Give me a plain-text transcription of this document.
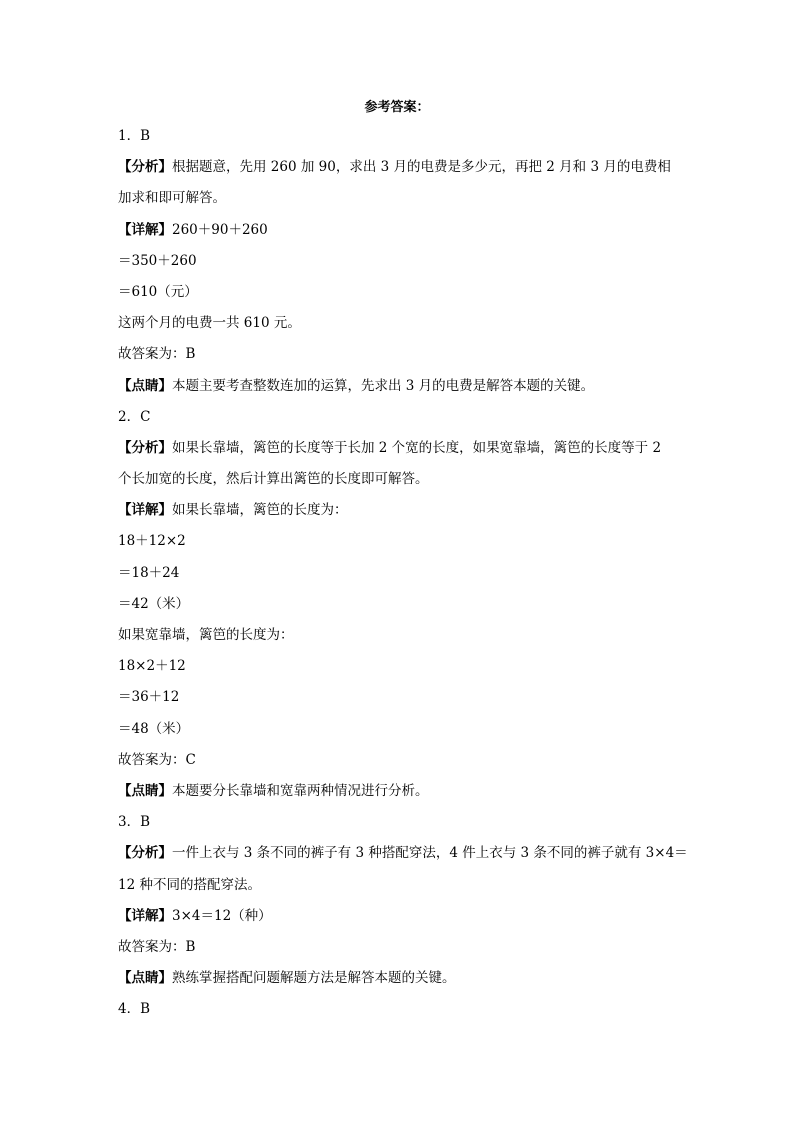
参考答案：
1．B
【分析】根据题意，先用 260 加 90，求出 3 月的电费是多少元，再把 2 月和 3 月的电费相
加求和即可解答。
【详解】260＋90＋260
＝350＋260
＝610（元）
这两个月的电费一共 610 元。
故答案为：B
【点睛】本题主要考查整数连加的运算，先求出 3 月的电费是解答本题的关键。
2．C
【分析】如果长靠墙，篱笆的长度等于长加 2 个宽的长度，如果宽靠墙，篱笆的长度等于 2
个长加宽的长度，然后计算出篱笆的长度即可解答。
【详解】如果长靠墙，篱笆的长度为：
18＋12×2
＝18＋24
＝42（米）
如果宽靠墙，篱笆的长度为：
18×2＋12
＝36＋12
＝48（米）
故答案为：C
【点睛】本题要分长靠墙和宽靠两种情况进行分析。
3．B
【分析】一件上衣与 3 条不同的裤子有 3 种搭配穿法，4 件上衣与 3 条不同的裤子就有 3×4＝
12 种不同的搭配穿法。
【详解】3×4＝12（种）
故答案为：B
【点睛】熟练掌握搭配问题解题方法是解答本题的关键。
4．B
